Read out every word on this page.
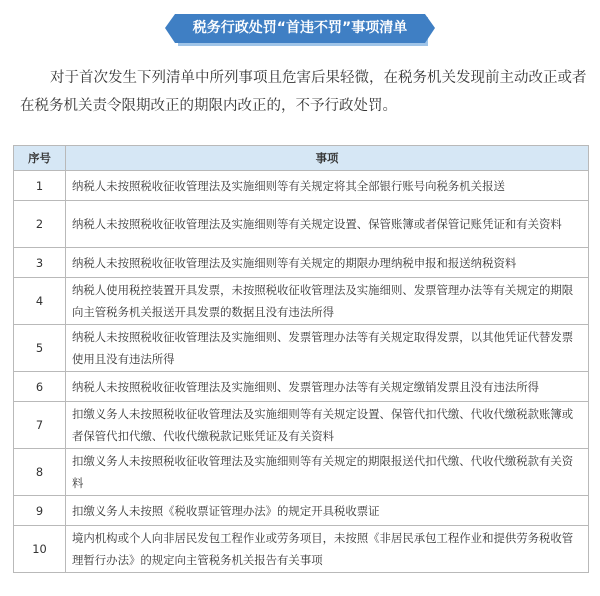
税务行政处罚“首违不罚”事项清单

对于首次发生下列清单中所列事项且危害后果轻微，在税务机关发现前主动改正或者在税务机关责令限期改正的期限内改正的，不予行政处罚。

序号	事项
1	纳税人未按照税收征收管理法及实施细则等有关规定将其全部银行账号向税务机关报送
2	纳税人未按照税收征收管理法及实施细则等有关规定设置、保管账簿或者保管记账凭证和有关资料
3	纳税人未按照税收征收管理法及实施细则等有关规定的期限办理纳税申报和报送纳税资料
4	纳税人使用税控装置开具发票，未按照税收征收管理法及实施细则、发票管理办法等有关规定的期限向主管税务机关报送开具发票的数据且没有违法所得
5	纳税人未按照税收征收管理法及实施细则、发票管理办法等有关规定取得发票，以其他凭证代替发票使用且没有违法所得
6	纳税人未按照税收征收管理法及实施细则、发票管理办法等有关规定缴销发票且没有违法所得
7	扣缴义务人未按照税收征收管理法及实施细则等有关规定设置、保管代扣代缴、代收代缴税款账簿或者保管代扣代缴、代收代缴税款记账凭证及有关资料
8	扣缴义务人未按照税收征收管理法及实施细则等有关规定的期限报送代扣代缴、代收代缴税款有关资料
9	扣缴义务人未按照《税收票证管理办法》的规定开具税收票证
10	境内机构或个人向非居民发包工程作业或劳务项目，未按照《非居民承包工程作业和提供劳务税收管理暂行办法》的规定向主管税务机关报告有关事项
